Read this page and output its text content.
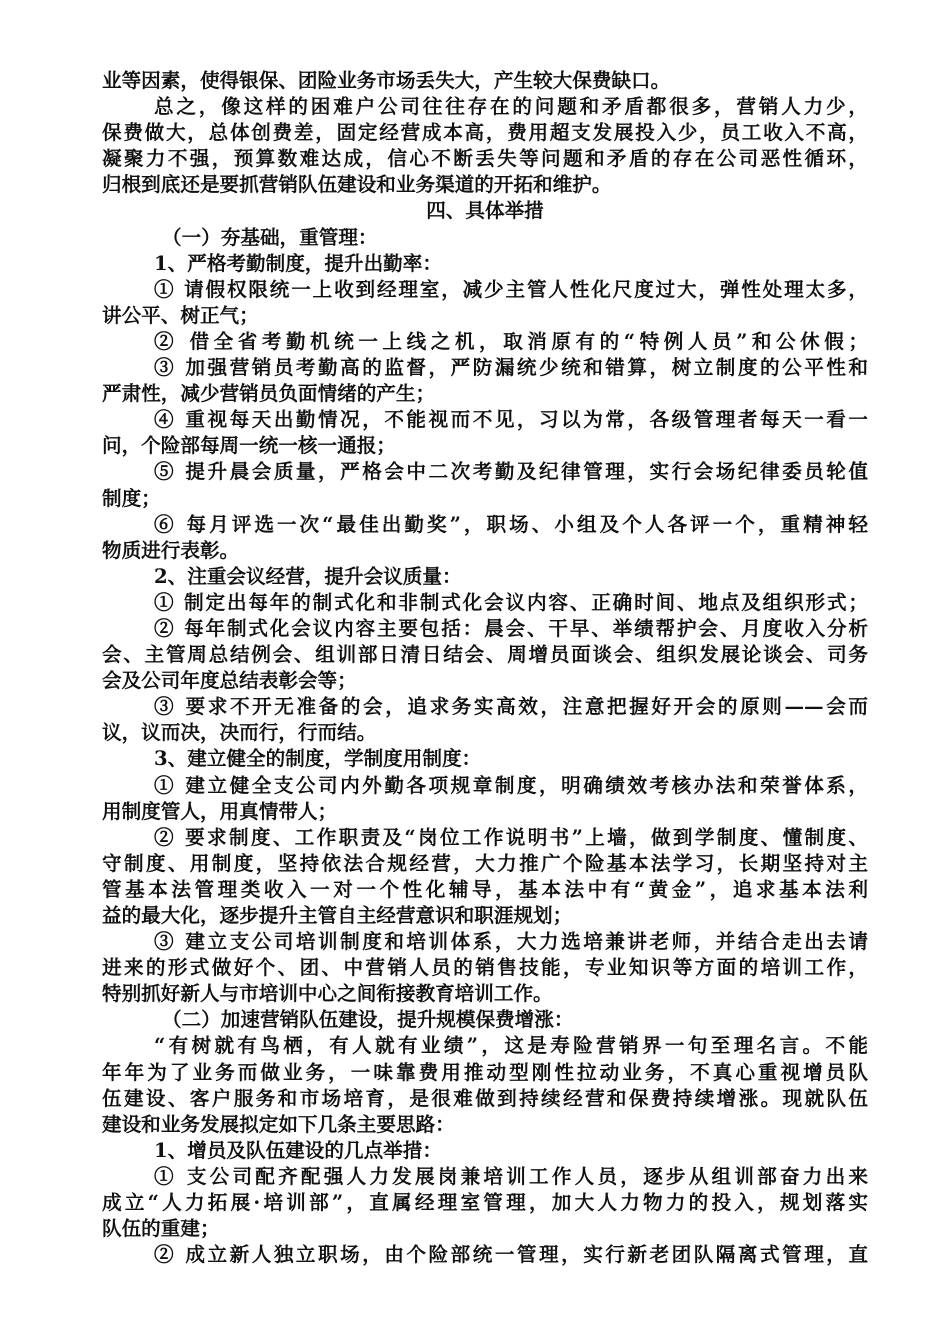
业等因素，使得银保、团险业务市场丢失大，产生较大保费缺口。
总之，像这样的困难户公司往往存在的问题和矛盾都很多，营销人力少，
保费做大，总体创费差，固定经营成本高，费用超支发展投入少，员工收入不高，
凝聚力不强，预算数难达成，信心不断丢失等问题和矛盾的存在公司恶性循环，
归根到底还是要抓营销队伍建设和业务渠道的开拓和维护。
四、具体举措
（一）夯基础，重管理：
1、严格考勤制度，提升出勤率：
① 请假权限统一上收到经理室，减少主管人性化尺度过大，弹性处理太多，
讲公平、树正气；
② 借全省考勤机统一上线之机，取消原有的“特例人员”和公休假；
③ 加强营销员考勤高的监督，严防漏统少统和错算，树立制度的公平性和
严肃性，减少营销员负面情绪的产生；
④ 重视每天出勤情况，不能视而不见，习以为常，各级管理者每天一看一
问，个险部每周一统一核一通报；
⑤ 提升晨会质量，严格会中二次考勤及纪律管理，实行会场纪律委员轮值
制度；
⑥ 每月评选一次“最佳出勤奖”，职场、小组及个人各评一个，重精神轻
物质进行表彰。
2、注重会议经营，提升会议质量：
① 制定出每年的制式化和非制式化会议内容、正确时间、地点及组织形式；
② 每年制式化会议内容主要包括：晨会、干早、举绩帮护会、月度收入分析
会、主管周总结例会、组训部日清日结会、周增员面谈会、组织发展论谈会、司务
会及公司年度总结表彰会等；
③ 要求不开无准备的会，追求务实高效，注意把握好开会的原则——会而
议，议而决，决而行，行而结。
3、建立健全的制度，学制度用制度：
① 建立健全支公司内外勤各项规章制度，明确绩效考核办法和荣誉体系，
用制度管人，用真情带人；
② 要求制度、工作职责及“岗位工作说明书”上墙，做到学制度、懂制度、
守制度、用制度，坚持依法合规经营，大力推广个险基本法学习，长期坚持对主
管基本法管理类收入一对一个性化辅导，基本法中有“黄金”，追求基本法利
益的最大化，逐步提升主管自主经营意识和职涯规划；
③ 建立支公司培训制度和培训体系，大力选培兼讲老师，并结合走出去请
进来的形式做好个、团、中营销人员的销售技能，专业知识等方面的培训工作，
特别抓好新人与市培训中心之间衔接教育培训工作。
（二）加速营销队伍建设，提升规模保费增涨：
“有树就有鸟栖，有人就有业绩”，这是寿险营销界一句至理名言。不能
年年为了业务而做业务，一味靠费用推动型刚性拉动业务，不真心重视增员队
伍建设、客户服务和市场培育，是很难做到持续经营和保费持续增涨。现就队伍
建设和业务发展拟定如下几条主要思路：
1、增员及队伍建设的几点举措：
① 支公司配齐配强人力发展岗兼培训工作人员，逐步从组训部奋力出来
成立“人力拓展·培训部”，直属经理室管理，加大人力物力的投入，规划落实
队伍的重建；
② 成立新人独立职场，由个险部统一管理，实行新老团队隔离式管理，直
